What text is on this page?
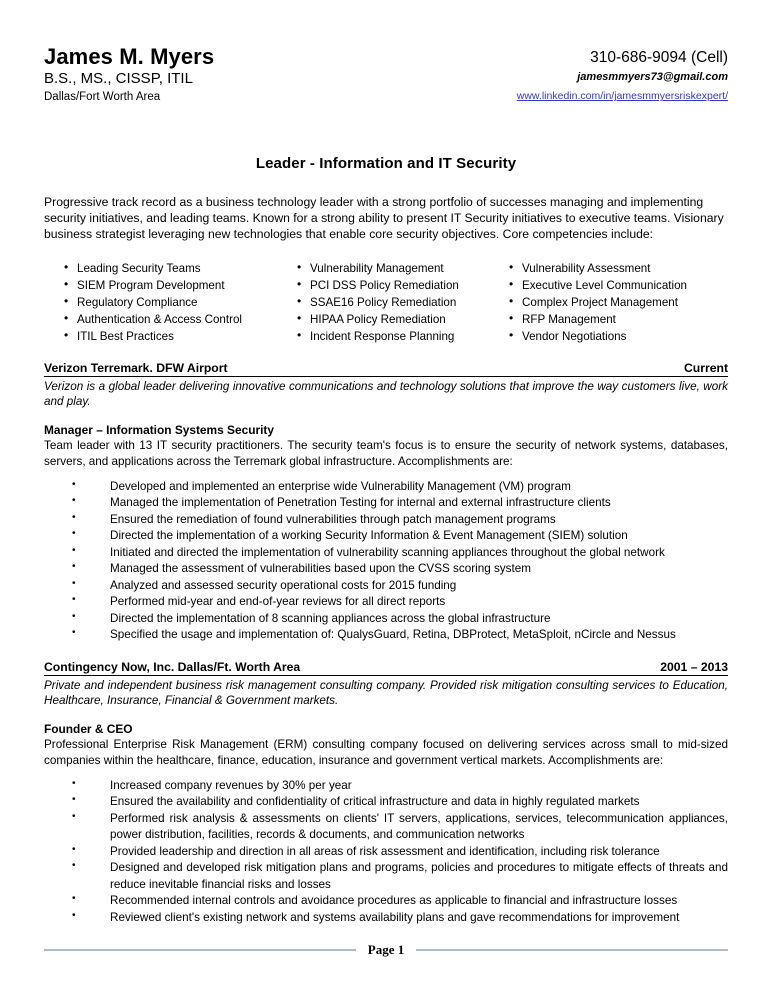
James M. Myers
B.S., MS., CISSP, ITIL
Dallas/Fort Worth Area
310-686-9094 (Cell)
jamesmmyers73@gmail.com
www.linkedin.com/in/jamesmmyersriskexpert/
Leader - Information and IT Security
Progressive track record as a business technology leader with a strong portfolio of successes managing and implementing security initiatives, and leading teams. Known for a strong ability to present IT Security initiatives to executive teams. Visionary business strategist leveraging new technologies that enable core security objectives. Core competencies include:
• Leading Security Teams
• SIEM Program Development
• Regulatory Compliance
• Authentication & Access Control
• ITIL Best Practices
• Vulnerability Management
• PCI DSS Policy Remediation
• SSAE16 Policy Remediation
• HIPAA Policy Remediation
• Incident Response Planning
• Vulnerability Assessment
• Executive Level Communication
• Complex Project Management
• RFP Management
• Vendor Negotiations
Verizon Terremark. DFW Airport	Current
Verizon is a global leader delivering innovative communications and technology solutions that improve the way customers live, work and play.
Manager – Information Systems Security
Team leader with 13 IT security practitioners. The security team's focus is to ensure the security of network systems, databases, servers, and applications across the Terremark global infrastructure. Accomplishments are:
• Developed and implemented an enterprise wide Vulnerability Management (VM) program
• Managed the implementation of Penetration Testing for internal and external infrastructure clients
• Ensured the remediation of found vulnerabilities through patch management programs
• Directed the implementation of a working Security Information & Event Management (SIEM) solution
• Initiated and directed the implementation of vulnerability scanning appliances throughout the global network
• Managed the assessment of vulnerabilities based upon the CVSS scoring system
• Analyzed and assessed security operational costs for 2015 funding
• Performed mid-year and end-of-year reviews for all direct reports
• Directed the implementation of 8 scanning appliances across the global infrastructure
• Specified the usage and implementation of: QualysGuard, Retina, DBProtect, MetaSploit, nCircle and Nessus
Contingency Now, Inc. Dallas/Ft. Worth Area	2001 – 2013
Private and independent business risk management consulting company. Provided risk mitigation consulting services to Education, Healthcare, Insurance, Financial & Government markets.
Founder & CEO
Professional Enterprise Risk Management (ERM) consulting company focused on delivering services across small to mid-sized companies within the healthcare, finance, education, insurance and government vertical markets. Accomplishments are:
• Increased company revenues by 30% per year
• Ensured the availability and confidentiality of critical infrastructure and data in highly regulated markets
• Performed risk analysis & assessments on clients' IT servers, applications, services, telecommunication appliances, power distribution, facilities, records & documents, and communication networks
• Provided leadership and direction in all areas of risk assessment and identification, including risk tolerance
• Designed and developed risk mitigation plans and programs, policies and procedures to mitigate effects of threats and reduce inevitable financial risks and losses
• Recommended internal controls and avoidance procedures as applicable to financial and infrastructure losses
• Reviewed client's existing network and systems availability plans and gave recommendations for improvement
Page 1
